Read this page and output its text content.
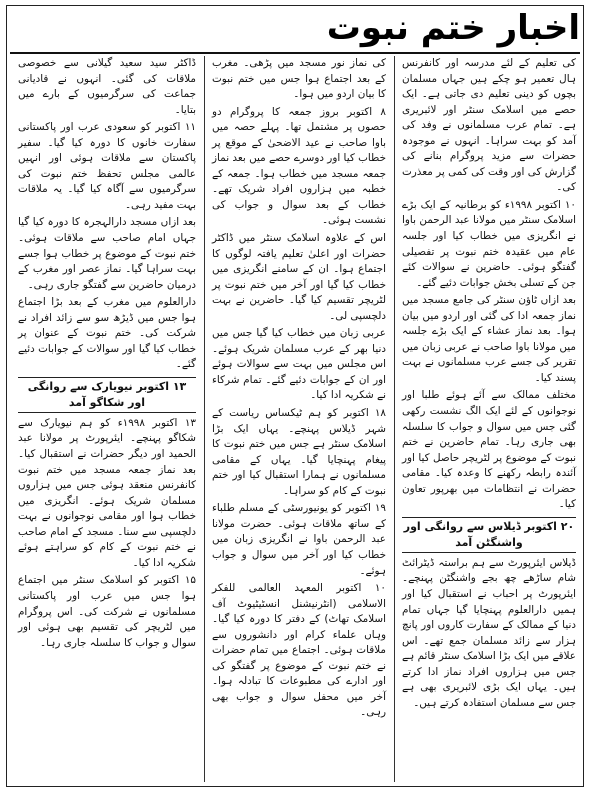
اخبار ختم نبوت

کی تعلیم کے لئے مدرسہ اور کانفرنس ہال تعمیر ہو چکے ہیں جہاں مسلمان بچوں کو دینی تعلیم دی جاتی ہے۔ ایک حصے میں اسلامک سنٹر اور لائبریری ہے۔ تمام عرب مسلمانوں نے وفد کی آمد کو بہت سراہا۔ انہوں نے موجودہ حضرات سے مزید پروگرام بنانے کی گزارش کی اور وقت کی کمی پر معذرت کی۔

۱۰ اکتوبر ۱۹۹۸ء کو برطانیہ کے ایک بڑے اسلامک سنٹر میں مولانا عبد الرحمن باوا نے انگریزی میں خطاب کیا اور جلسہ عام میں عقیدہ ختم نبوت پر تفصیلی گفتگو ہوئی۔ حاضرین نے سوالات کئے جن کے تسلی بخش جوابات دئیے گئے۔

بعد ازاں ٹاؤن سنٹر کی جامع مسجد میں نماز جمعہ ادا کی گئی اور اردو میں بیان ہوا۔ بعد نماز عشاء کے ایک بڑے جلسہ میں مولانا باوا صاحب نے عربی زبان میں تقریر کی جسے عرب مسلمانوں نے بہت پسند کیا۔

مختلف ممالک سے آئے ہوئے طلبا اور نوجوانوں کے لئے ایک الگ نشست رکھی گئی جس میں سوال و جواب کا سلسلہ بھی جاری رہا۔ تمام حاضرین نے ختم نبوت کے موضوع پر لٹریچر حاصل کیا اور آئندہ رابطہ رکھنے کا وعدہ کیا۔ مقامی حضرات نے انتظامات میں بھرپور تعاون کیا۔

۲۰ اکتوبر ڈیلاس سے روانگی اور واشنگٹن آمد

ڈیلاس ایئرپورٹ سے ہم براستہ ڈیٹرائٹ شام ساڑھے چھ بجے واشنگٹن پہنچے۔ ایئرپورٹ پر احباب نے استقبال کیا اور ہمیں دارالعلوم پہنچایا گیا جہاں تمام دنیا کے ممالک کے سفارت کاروں اور پانچ ہزار سے زائد مسلمان جمع تھے۔ اس علاقے میں ایک بڑا اسلامک سنٹر قائم ہے جس میں ہزاروں افراد نماز ادا کرتے ہیں۔ یہاں ایک بڑی لائبریری بھی ہے جس سے مسلمان استفادہ کرتے ہیں۔

کی نماز نور مسجد میں پڑھی۔ مغرب کے بعد اجتماع ہوا جس میں ختم نبوت کا بیان اردو میں ہوا۔

۸ اکتوبر بروز جمعہ کا پروگرام دو حصوں پر مشتمل تھا۔ پہلے حصہ میں باوا صاحب نے عید الاضحیٰ کے موقع پر خطاب کیا اور دوسرے حصے میں بعد نماز جمعہ مسجد میں خطاب ہوا۔ جمعہ کے خطبہ میں ہزاروں افراد شریک تھے۔ خطاب کے بعد سوال و جواب کی نشست ہوئی۔

اس کے علاوہ اسلامک سنٹر میں ڈاکٹر حضرات اور اعلیٰ تعلیم یافتہ لوگوں کا اجتماع ہوا۔ ان کے سامنے انگریزی میں خطاب کیا گیا اور آخر میں ختم نبوت پر لٹریچر تقسیم کیا گیا۔ حاضرین نے بہت دلچسپی لی۔

عربی زبان میں خطاب کیا گیا جس میں دنیا بھر کے عرب مسلمان شریک ہوئے۔ اس مجلس میں بہت سے سوالات ہوئے اور ان کے جوابات دئیے گئے۔ تمام شرکاء نے شکریہ ادا کیا۔

۱۸ اکتوبر کو ہم ٹیکساس ریاست کے شہر ڈیلاس پہنچے۔ یہاں ایک بڑا اسلامک سنٹر ہے جس میں ختم نبوت کا پیغام پہنچایا گیا۔ یہاں کے مقامی مسلمانوں نے ہمارا استقبال کیا اور ختم نبوت کے کام کو سراہا۔

۱۹ اکتوبر کو یونیورسٹی کے مسلم طلباء کے ساتھ ملاقات ہوئی۔ حضرت مولانا عبد الرحمن باوا نے انگریزی زبان میں خطاب کیا اور آخر میں سوال و جواب ہوئے۔

۱۰ اکتوبر المعہد العالمی للفکر الاسلامی (انٹرنیشنل انسٹیٹیوٹ آف اسلامک تھاٹ) کے دفتر کا دورہ کیا گیا۔ وہاں علماء کرام اور دانشوروں سے ملاقات ہوئی۔ اجتماع میں تمام حضرات نے ختم نبوت کے موضوع پر گفتگو کی اور ادارے کی مطبوعات کا تبادلہ ہوا۔ آخر میں محفل سوال و جواب بھی رہی۔

ڈاکٹر سید سعید گیلانی سے خصوصی ملاقات کی گئی۔ انہوں نے قادیانی جماعت کی سرگرمیوں کے بارے میں بتایا۔

۱۱ اکتوبر کو سعودی عرب اور پاکستانی سفارت خانوں کا دورہ کیا گیا۔ سفیر پاکستان سے ملاقات ہوئی اور انہیں عالمی مجلس تحفظ ختم نبوت کی سرگرمیوں سے آگاہ کیا گیا۔ یہ ملاقات بہت مفید رہی۔

بعد ازاں مسجد دارالہجرہ کا دورہ کیا گیا جہاں امام صاحب سے ملاقات ہوئی۔ ختم نبوت کے موضوع پر خطاب ہوا جسے بہت سراہا گیا۔ نماز عصر اور مغرب کے درمیان حاضرین سے گفتگو جاری رہی۔

دارالعلوم میں مغرب کے بعد بڑا اجتماع ہوا جس میں ڈیڑھ سو سے زائد افراد نے شرکت کی۔ ختم نبوت کے عنوان پر خطاب کیا گیا اور سوالات کے جوابات دئیے گئے۔

۱۳ اکتوبر نیویارک سے روانگی اور شکاگو آمد

۱۳ اکتوبر ۱۹۹۸ء کو ہم نیویارک سے شکاگو پہنچے۔ ایئرپورٹ پر مولانا عبد الحمید اور دیگر حضرات نے استقبال کیا۔ بعد نماز جمعہ مسجد میں ختم نبوت کانفرنس منعقد ہوئی جس میں ہزاروں مسلمان شریک ہوئے۔ انگریزی میں خطاب ہوا اور مقامی نوجوانوں نے بہت دلچسپی سے سنا۔ مسجد کے امام صاحب نے ختم نبوت کے کام کو سراہتے ہوئے شکریہ ادا کیا۔

۱۵ اکتوبر کو اسلامک سنٹر میں اجتماع ہوا جس میں عرب اور پاکستانی مسلمانوں نے شرکت کی۔ اس پروگرام میں لٹریچر کی تقسیم بھی ہوئی اور سوال و جواب کا سلسلہ جاری رہا۔
